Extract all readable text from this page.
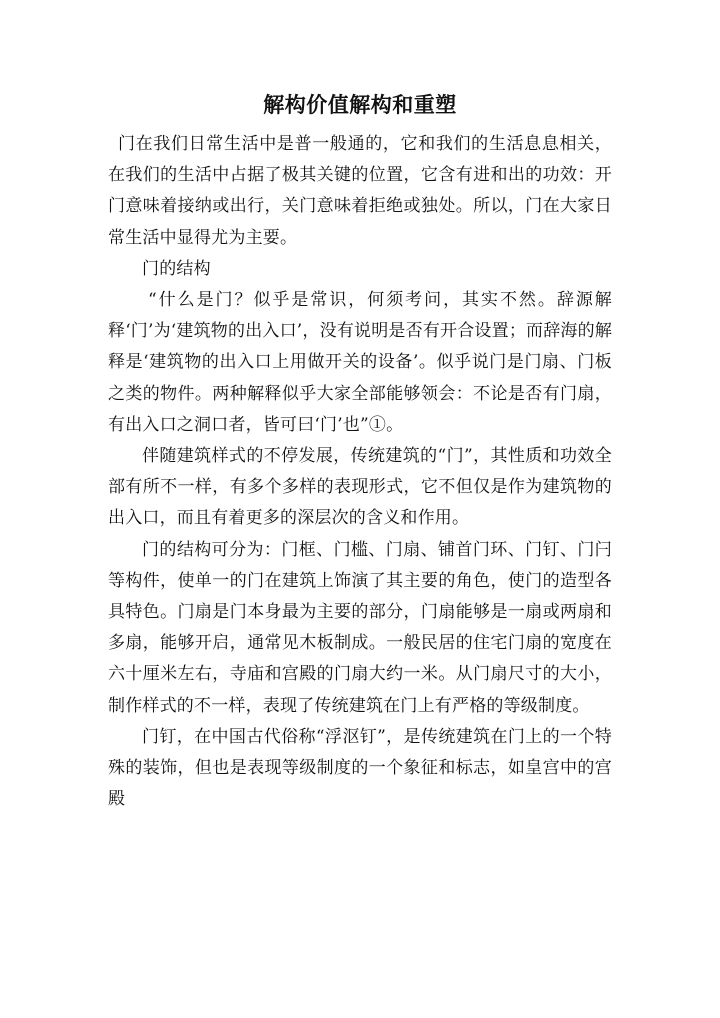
解构价值解构和重塑

门在我们日常生活中是普一般通的，它和我们的生活息息相关，在我们的生活中占据了极其关键的位置，它含有进和出的功效：开门意味着接纳或出行，关门意味着拒绝或独处。所以，门在大家日常生活中显得尤为主要。

门的结构

“什么是门？似乎是常识，何须考问，其实不然。辞源解释‘门’为‘建筑物的出入口’，没有说明是否有开合设置；而辞海的解释是‘建筑物的出入口上用做开关的设备’。似乎说门是门扇、门板之类的物件。两种解释似乎大家全部能够领会：不论是否有门扇，有出入口之洞口者，皆可曰‘门’也”①。

伴随建筑样式的不停发展，传统建筑的“门”，其性质和功效全部有所不一样，有多个多样的表现形式，它不但仅是作为建筑物的出入口，而且有着更多的深层次的含义和作用。

门的结构可分为：门框、门槛、门扇、铺首门环、门钉、门闩等构件，使单一的门在建筑上饰演了其主要的角色，使门的造型各具特色。门扇是门本身最为主要的部分，门扇能够是一扇或两扇和多扇，能够开启，通常见木板制成。一般民居的住宅门扇的宽度在六十厘米左右，寺庙和宫殿的门扇大约一米。从门扇尺寸的大小，制作样式的不一样，表现了传统建筑在门上有严格的等级制度。

门钉，在中国古代俗称“浮沤钉”，是传统建筑在门上的一个特殊的装饰，但也是表现等级制度的一个象征和标志，如皇宫中的宫殿
